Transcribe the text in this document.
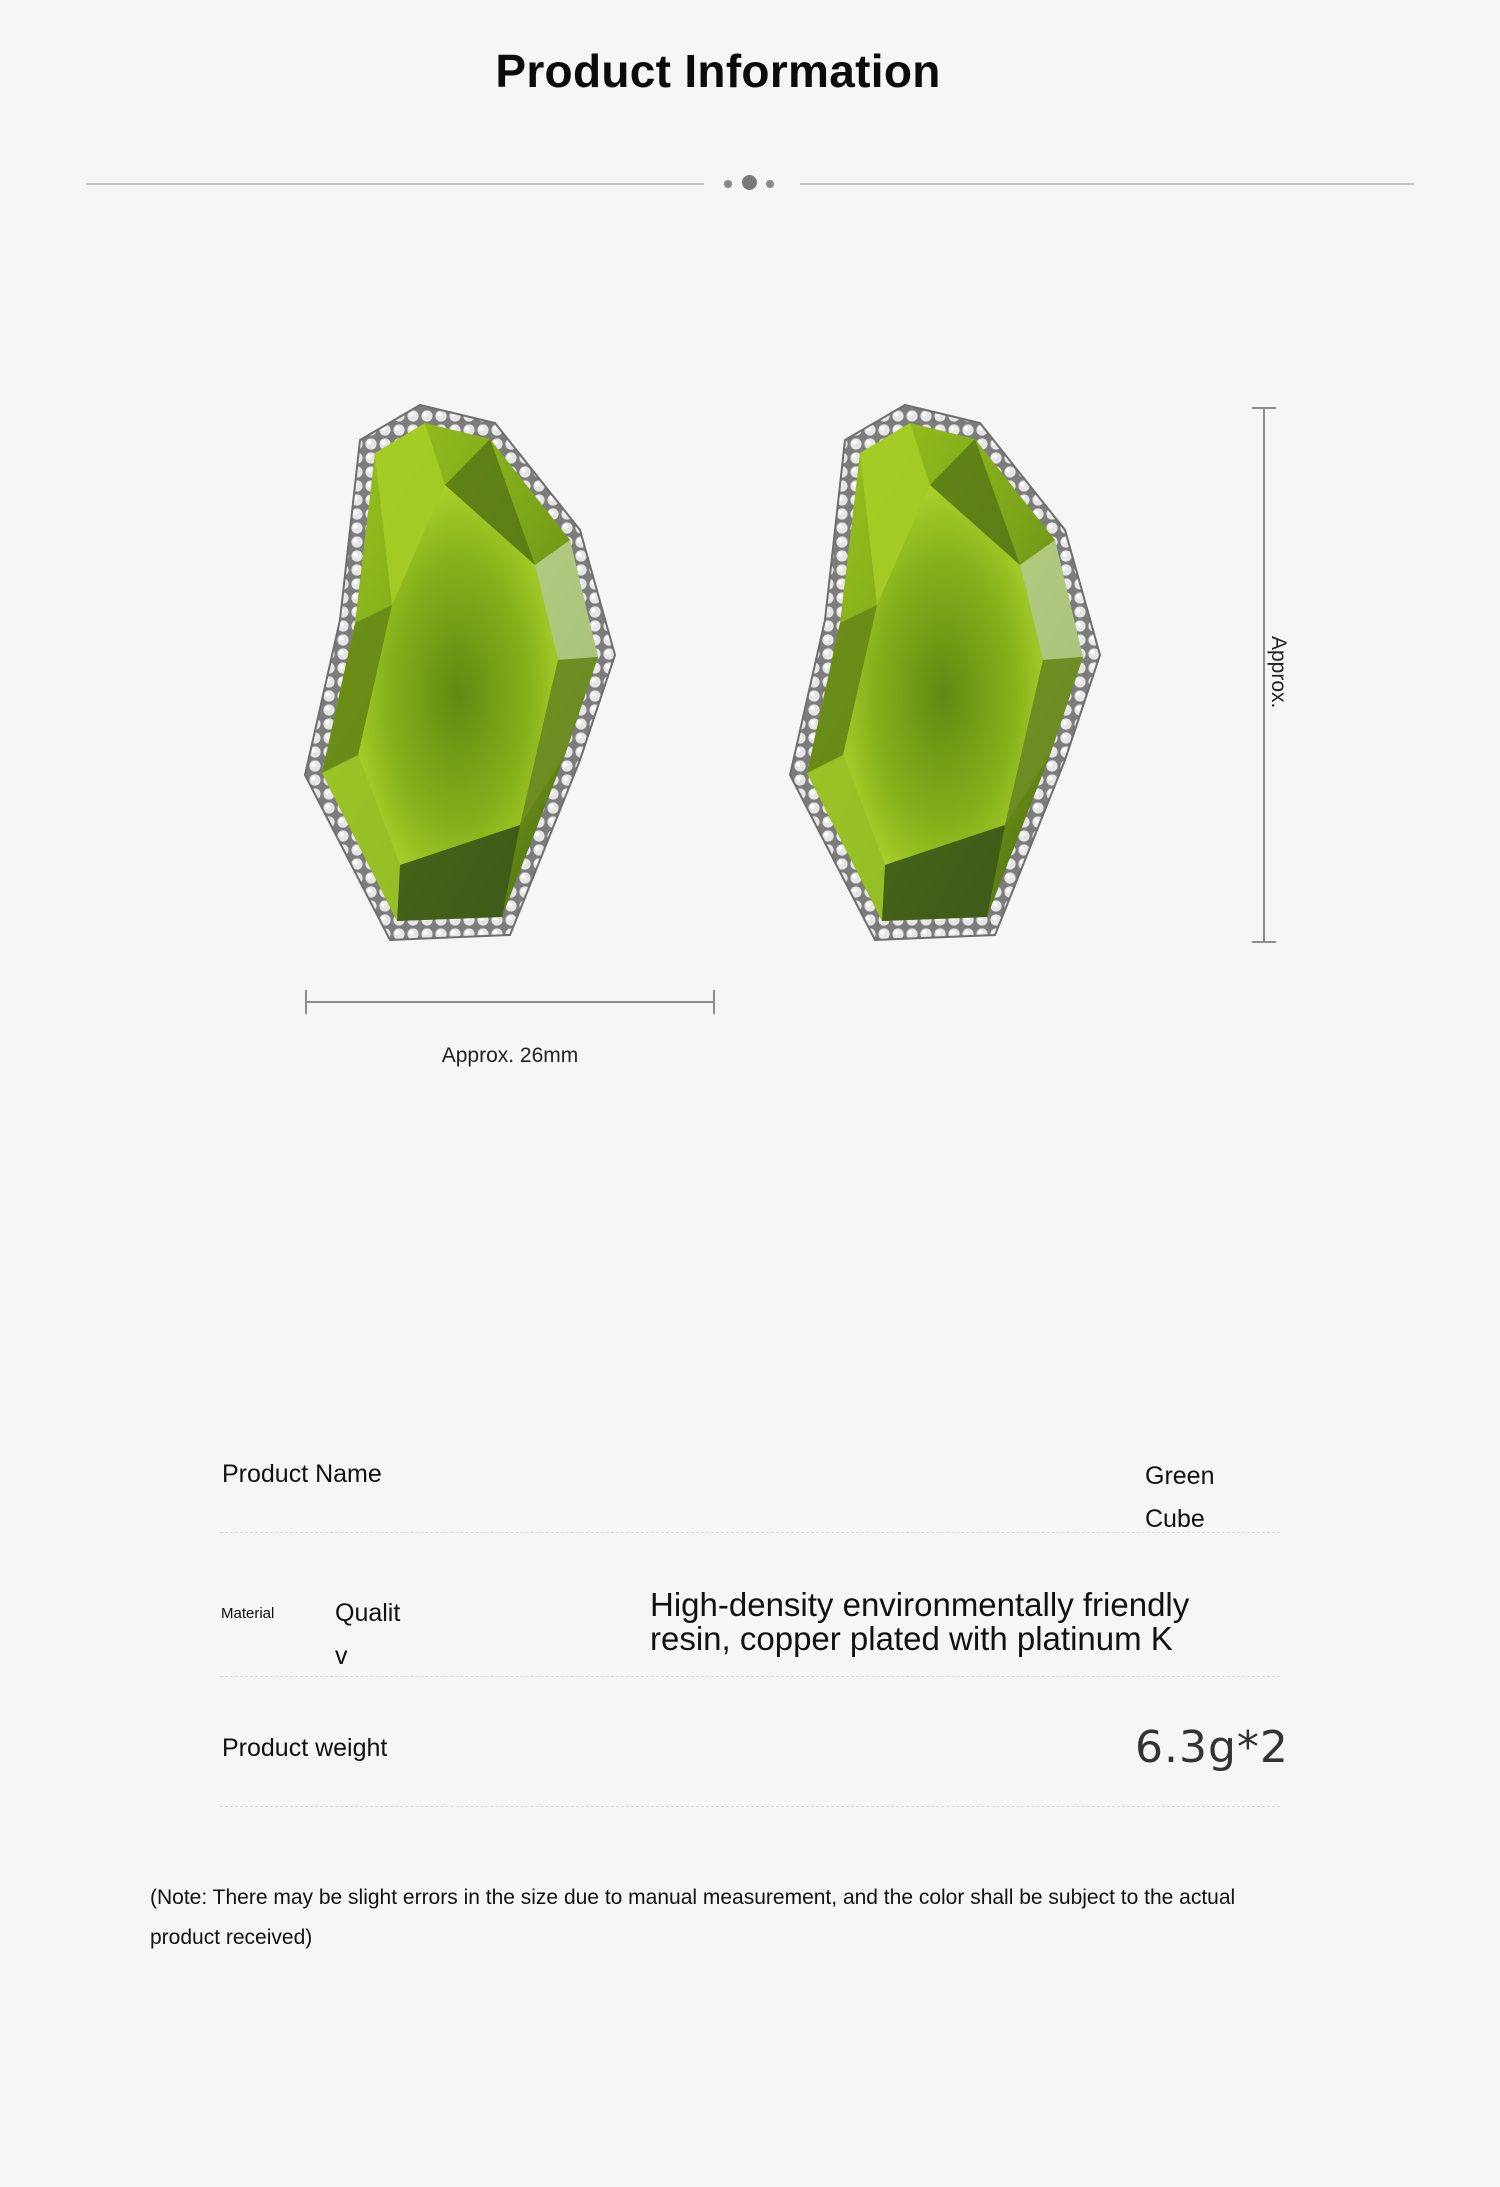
Product Information
Approx. 26mm
Approx.
Product Name	Green
Cube
Material Qualit
v
High-density environmentally friendly
resin, copper plated with platinum K
Product weight	6.3g*2
(Note: There may be slight errors in the size due to manual measurement, and the color shall be subject to the actual product received)
